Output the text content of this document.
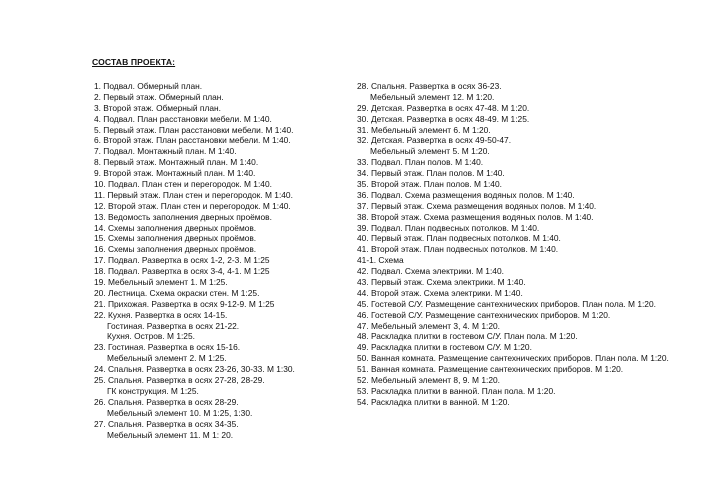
СОСТАВ ПРОЕКТА:
1. Подвал. Обмерный план.
2. Первый этаж. Обмерный план.
3. Второй этаж. Обмерный план.
4. Подвал. План расстановки мебели. М 1:40.
5. Первый этаж. План расстановки мебели. М 1:40.
6. Второй этаж. План расстановки мебели. М 1:40.
7. Подвал. Монтажный план. М 1:40.
8. Первый этаж. Монтажный план. М 1:40.
9. Второй этаж. Монтажный план. М 1:40.
10. Подвал. План стен и перегородок. М 1:40.
11. Первый этаж. План стен и перегородок. М 1:40.
12. Второй этаж. План стен и перегородок. М 1:40.
13. Ведомость заполнения дверных проёмов.
14. Схемы заполнения дверных проёмов.
15. Схемы заполнения дверных проёмов.
16. Схемы заполнения дверных проёмов.
17. Подвал. Развертка в осях 1-2, 2-3. М 1:25
18. Подвал. Развертка в осях 3-4, 4-1. М 1:25
19. Мебельный элемент 1. М 1:25.
20. Лестница. Схема окраски стен. М 1:25.
21. Прихожая. Развертка в осях 9-12-9. М 1:25
22. Кухня. Развертка в осях 14-15.
Гостиная. Развертка в осях 21-22.
Кухня. Остров. М 1:25.
23. Гостиная. Развертка в осях 15-16.
Мебельный элемент 2. М 1:25.
24. Спальня. Развертка в осях 23-26, 30-33. М 1:30.
25. Спальня. Развертка в осях 27-28, 28-29.
ГК конструкция. М 1:25.
26. Спальня. Развертка в осях 28-29.
Мебельный элемент 10. М 1:25, 1:30.
27. Спальня. Развертка в осях 34-35.
Мебельный элемент 11. М 1: 20.
28. Спальня. Развертка в осях 36-23.
Мебельный элемент 12. М 1:20.
29. Детская. Развертка в осях 47-48. М 1:20.
30. Детская. Развертка в осях 48-49. М 1:25.
31. Мебельный элемент 6. М 1:20.
32. Детская. Развертка в осях 49-50-47.
Мебельный элемент 5. М 1:20.
33. Подвал. План полов. М 1:40.
34. Первый этаж. План полов. М 1:40.
35. Второй этаж. План полов. М 1:40.
36. Подвал. Схема размещения водяных полов. М 1:40.
37. Первый этаж. Схема размещения водяных полов. М 1:40.
38. Второй этаж. Схема размещения водяных полов. М 1:40.
39. Подвал. План подвесных потолков. М 1:40.
40. Первый этаж. План подвесных потолков. М 1:40.
41. Второй этаж. План подвесных потолков. М 1:40.
41-1. Схема
42. Подвал. Схема электрики. М 1:40.
43. Первый этаж. Схема электрики. М 1:40.
44. Второй этаж. Схема электрики. М 1:40.
45. Гостевой С/У. Размещение сантехнических приборов. План пола. М 1:20.
46. Гостевой С/У. Размещение сантехнических приборов. М 1:20.
47. Мебельный элемент 3, 4. М 1:20.
48. Раскладка плитки в гостевом С/У. План пола. М 1:20.
49. Раскладка плитки в гостевом С/У. М 1:20.
50. Ванная комната. Размещение сантехнических приборов. План пола. М 1:20.
51. Ванная комната. Размещение сантехнических приборов. М 1:20.
52. Мебельный элемент 8, 9. М 1:20.
53. Раскладка плитки в ванной. План пола. М 1:20.
54. Раскладка плитки в ванной. М 1:20.
